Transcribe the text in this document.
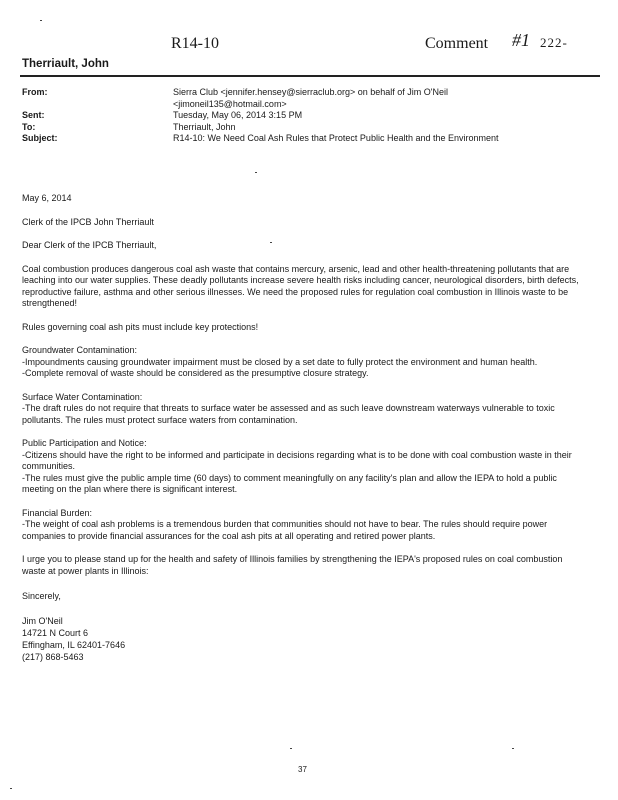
R14-10	Comment #1 222-
Therriault, John
From:	Sierra Club <jennifer.hensey@sierraclub.org> on behalf of Jim O'Neil <jimoneil135@hotmail.com>
Sent:	Tuesday, May 06, 2014 3:15 PM
To:	Therriault, John
Subject:	R14-10: We Need Coal Ash Rules that Protect Public Health and the Environment

May 6, 2014

Clerk of the IPCB John Therriault

Dear Clerk of the IPCB Therriault,

Coal combustion produces dangerous coal ash waste that contains mercury, arsenic, lead and other health-threatening pollutants that are leaching into our water supplies. These deadly pollutants increase severe health risks including cancer, neurological disorders, birth defects, reproductive failure, asthma and other serious illnesses. We need the proposed rules for regulation coal combustion in Illinois waste to be strengthened!

Rules governing coal ash pits must include key protections!

Groundwater Contamination:

-Impoundments causing groundwater impairment must be closed by a set date to fully protect the environment and human health.

-Complete removal of waste should be considered as the presumptive closure strategy.

Surface Water Contamination:

-The draft rules do not require that threats to surface water be assessed and as such leave downstream waterways vulnerable to toxic pollutants. The rules must protect surface waters from contamination.

Public Participation and Notice:

-Citizens should have the right to be informed and participate in decisions regarding what is to be done with coal combustion waste in their communities.

-The rules must give the public ample time (60 days) to comment meaningfully on any facility's plan and allow the IEPA to hold a public meeting on the plan where there is significant interest.

Financial Burden:

-The weight of coal ash problems is a tremendous burden that communities should not have to bear. The rules should require power companies to provide financial assurances for the coal ash pits at all operating and retired power plants.

I urge you to please stand up for the health and safety of Illinois families by strengthening the IEPA's proposed rules on coal combustion waste at power plants in Illinois:

Sincerely,

Jim O'Neil
14721 N Court 6
Effingham, IL 62401-7646
(217) 868-5463
37
